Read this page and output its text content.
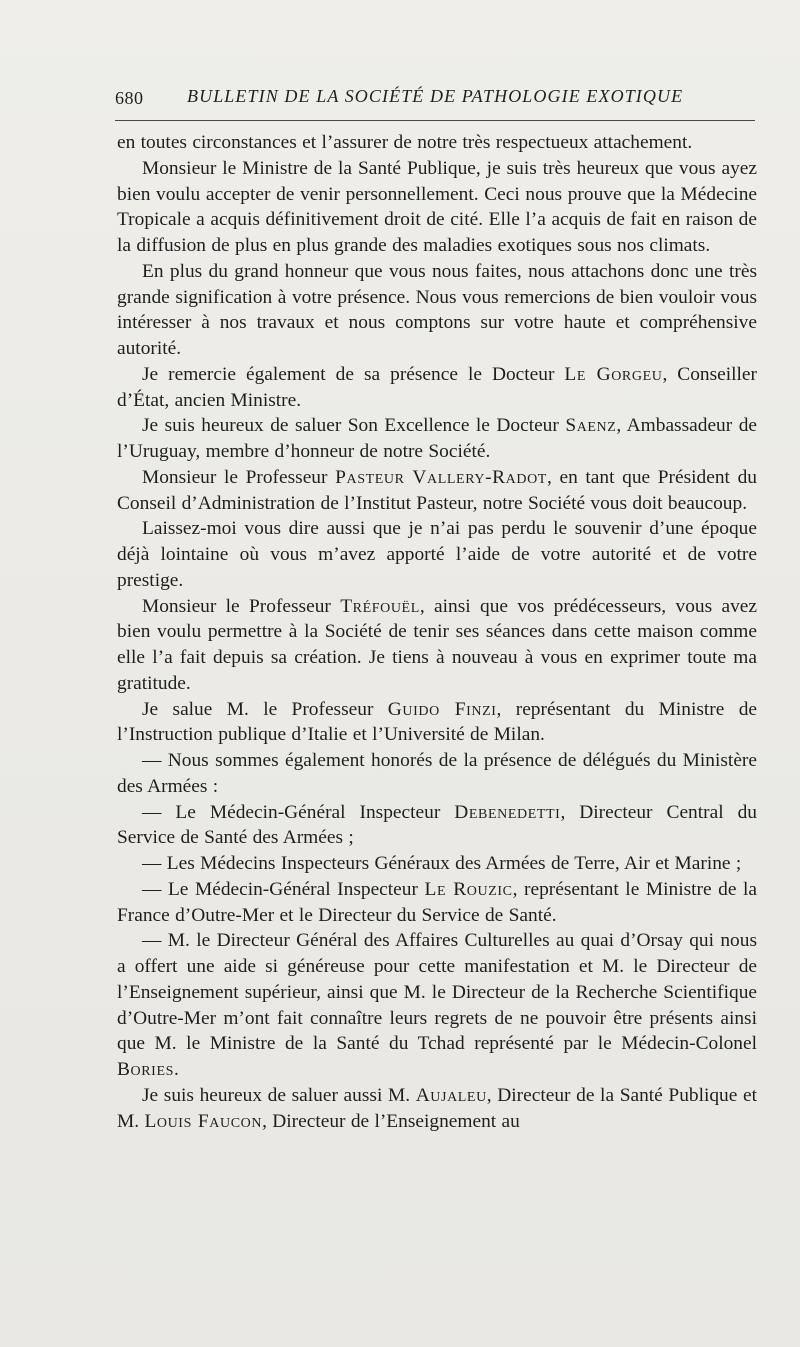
680 BULLETIN DE LA SOCIÉTÉ DE PATHOLOGIE EXOTIQUE

en toutes circonstances et l’assurer de notre très respectueux attachement.

Monsieur le Ministre de la Santé Publique, je suis très heureux que vous ayez bien voulu accepter de venir personnellement. Ceci nous prouve que la Médecine Tropicale a acquis définitivement droit de cité. Elle l’a acquis de fait en raison de la diffusion de plus en plus grande des maladies exotiques sous nos climats.

En plus du grand honneur que vous nous faites, nous attachons donc une très grande signification à votre présence. Nous vous remercions de bien vouloir vous intéresser à nos travaux et nous comptons sur votre haute et compréhensive autorité.

Je remercie également de sa présence le Docteur Le Gorgeu, Conseiller d’État, ancien Ministre.

Je suis heureux de saluer Son Excellence le Docteur Saenz, Ambassadeur de l’Uruguay, membre d’honneur de notre Société.

Monsieur le Professeur Pasteur Vallery-Radot, en tant que Président du Conseil d’Administration de l’Institut Pasteur, notre Société vous doit beaucoup.

Laissez-moi vous dire aussi que je n’ai pas perdu le souvenir d’une époque déjà lointaine où vous m’avez apporté l’aide de votre autorité et de votre prestige.

Monsieur le Professeur Tréfouël, ainsi que vos prédécesseurs, vous avez bien voulu permettre à la Société de tenir ses séances dans cette maison comme elle l’a fait depuis sa création. Je tiens à nouveau à vous en exprimer toute ma gratitude.

Je salue M. le Professeur Guido Finzi, représentant du Ministre de l’Instruction publique d’Italie et l’Université de Milan.

— Nous sommes également honorés de la présence de délégués du Ministère des Armées :

— Le Médecin-Général Inspecteur Debenedetti, Directeur Central du Service de Santé des Armées ;

— Les Médecins Inspecteurs Généraux des Armées de Terre, Air et Marine ;

— Le Médecin-Général Inspecteur Le Rouzic, représentant le Ministre de la France d’Outre-Mer et le Directeur du Service de Santé.

— M. le Directeur Général des Affaires Culturelles au quai d’Orsay qui nous a offert une aide si généreuse pour cette manifestation et M. le Directeur de l’Enseignement supérieur, ainsi que M. le Directeur de la Recherche Scientifique d’Outre-Mer m’ont fait connaître leurs regrets de ne pouvoir être présents ainsi que M. le Ministre de la Santé du Tchad représenté par le Médecin-Colonel Bories.

Je suis heureux de saluer aussi M. Aujaleu, Directeur de la Santé Publique et M. Louis Faucon, Directeur de l’Enseignement au
